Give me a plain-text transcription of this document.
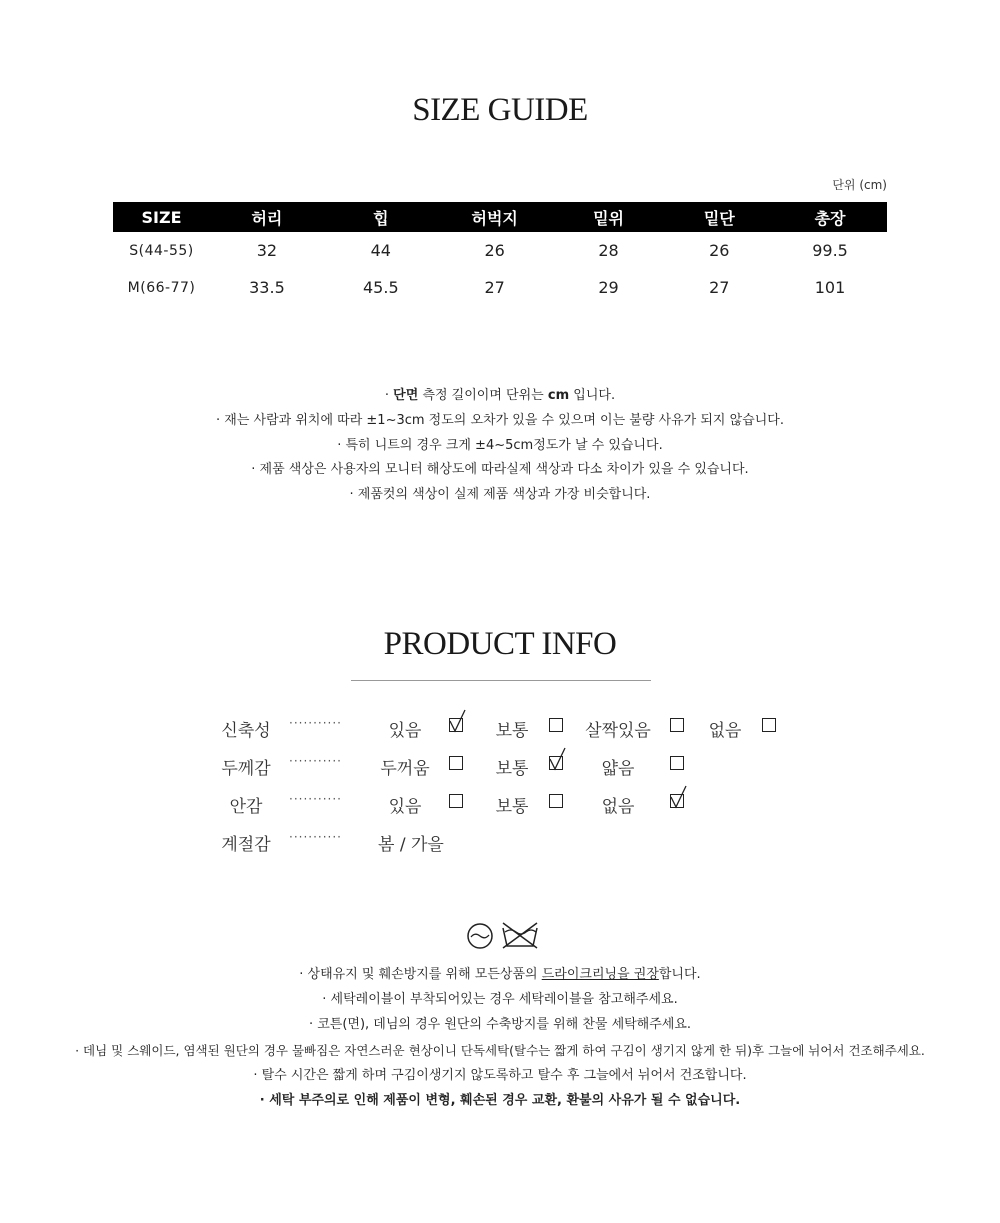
SIZE GUIDE
단위 (cm)
SIZE	허리	힙	허벅지	밑위	밑단	총장
S(44-55)	32	44	26	28	26	99.5
M(66-77)	33.5	45.5	27	29	27	101
· 단면 측정 길이이며 단위는 cm 입니다.
· 재는 사람과 위치에 따라 ±1~3cm 정도의 오차가 있을 수 있으며 이는 불량 사유가 되지 않습니다.
· 특히 니트의 경우 크게 ±4~5cm정도가 날 수 있습니다.
· 제품 색상은 사용자의 모니터 해상도에 따라실제 색상과 다소 차이가 있을 수 있습니다.
· 제품컷의 색상이 실제 제품 색상과 가장 비슷합니다.
PRODUCT INFO
신축성	···········	있음	보통	살짝있음	없음
두께감	··········· 두꺼움	보통	얇음
안감	···········	있음	보통	없음
계절감	··········· 봄 / 가을
· 상태유지 및 훼손방지를 위해 모든상품의 드라이크리닝을 권장합니다.
· 세탁레이블이 부착되어있는 경우 세탁레이블을 참고해주세요.
· 코튼(면), 데님의 경우 원단의 수축방지를 위해 찬물 세탁해주세요.
· 데님 및 스웨이드, 염색된 원단의 경우 물빠짐은 자연스러운 현상이니 단독세탁(탈수는 짧게 하여 구김이 생기지 않게 한 뒤)후 그늘에 뉘어서 건조해주세요.
· 탈수 시간은 짧게 하며 구김이생기지 않도록하고 탈수 후 그늘에서 뉘어서 건조합니다.
· 세탁 부주의로 인해 제품이 변형, 훼손된 경우 교환, 환불의 사유가 될 수 없습니다.
